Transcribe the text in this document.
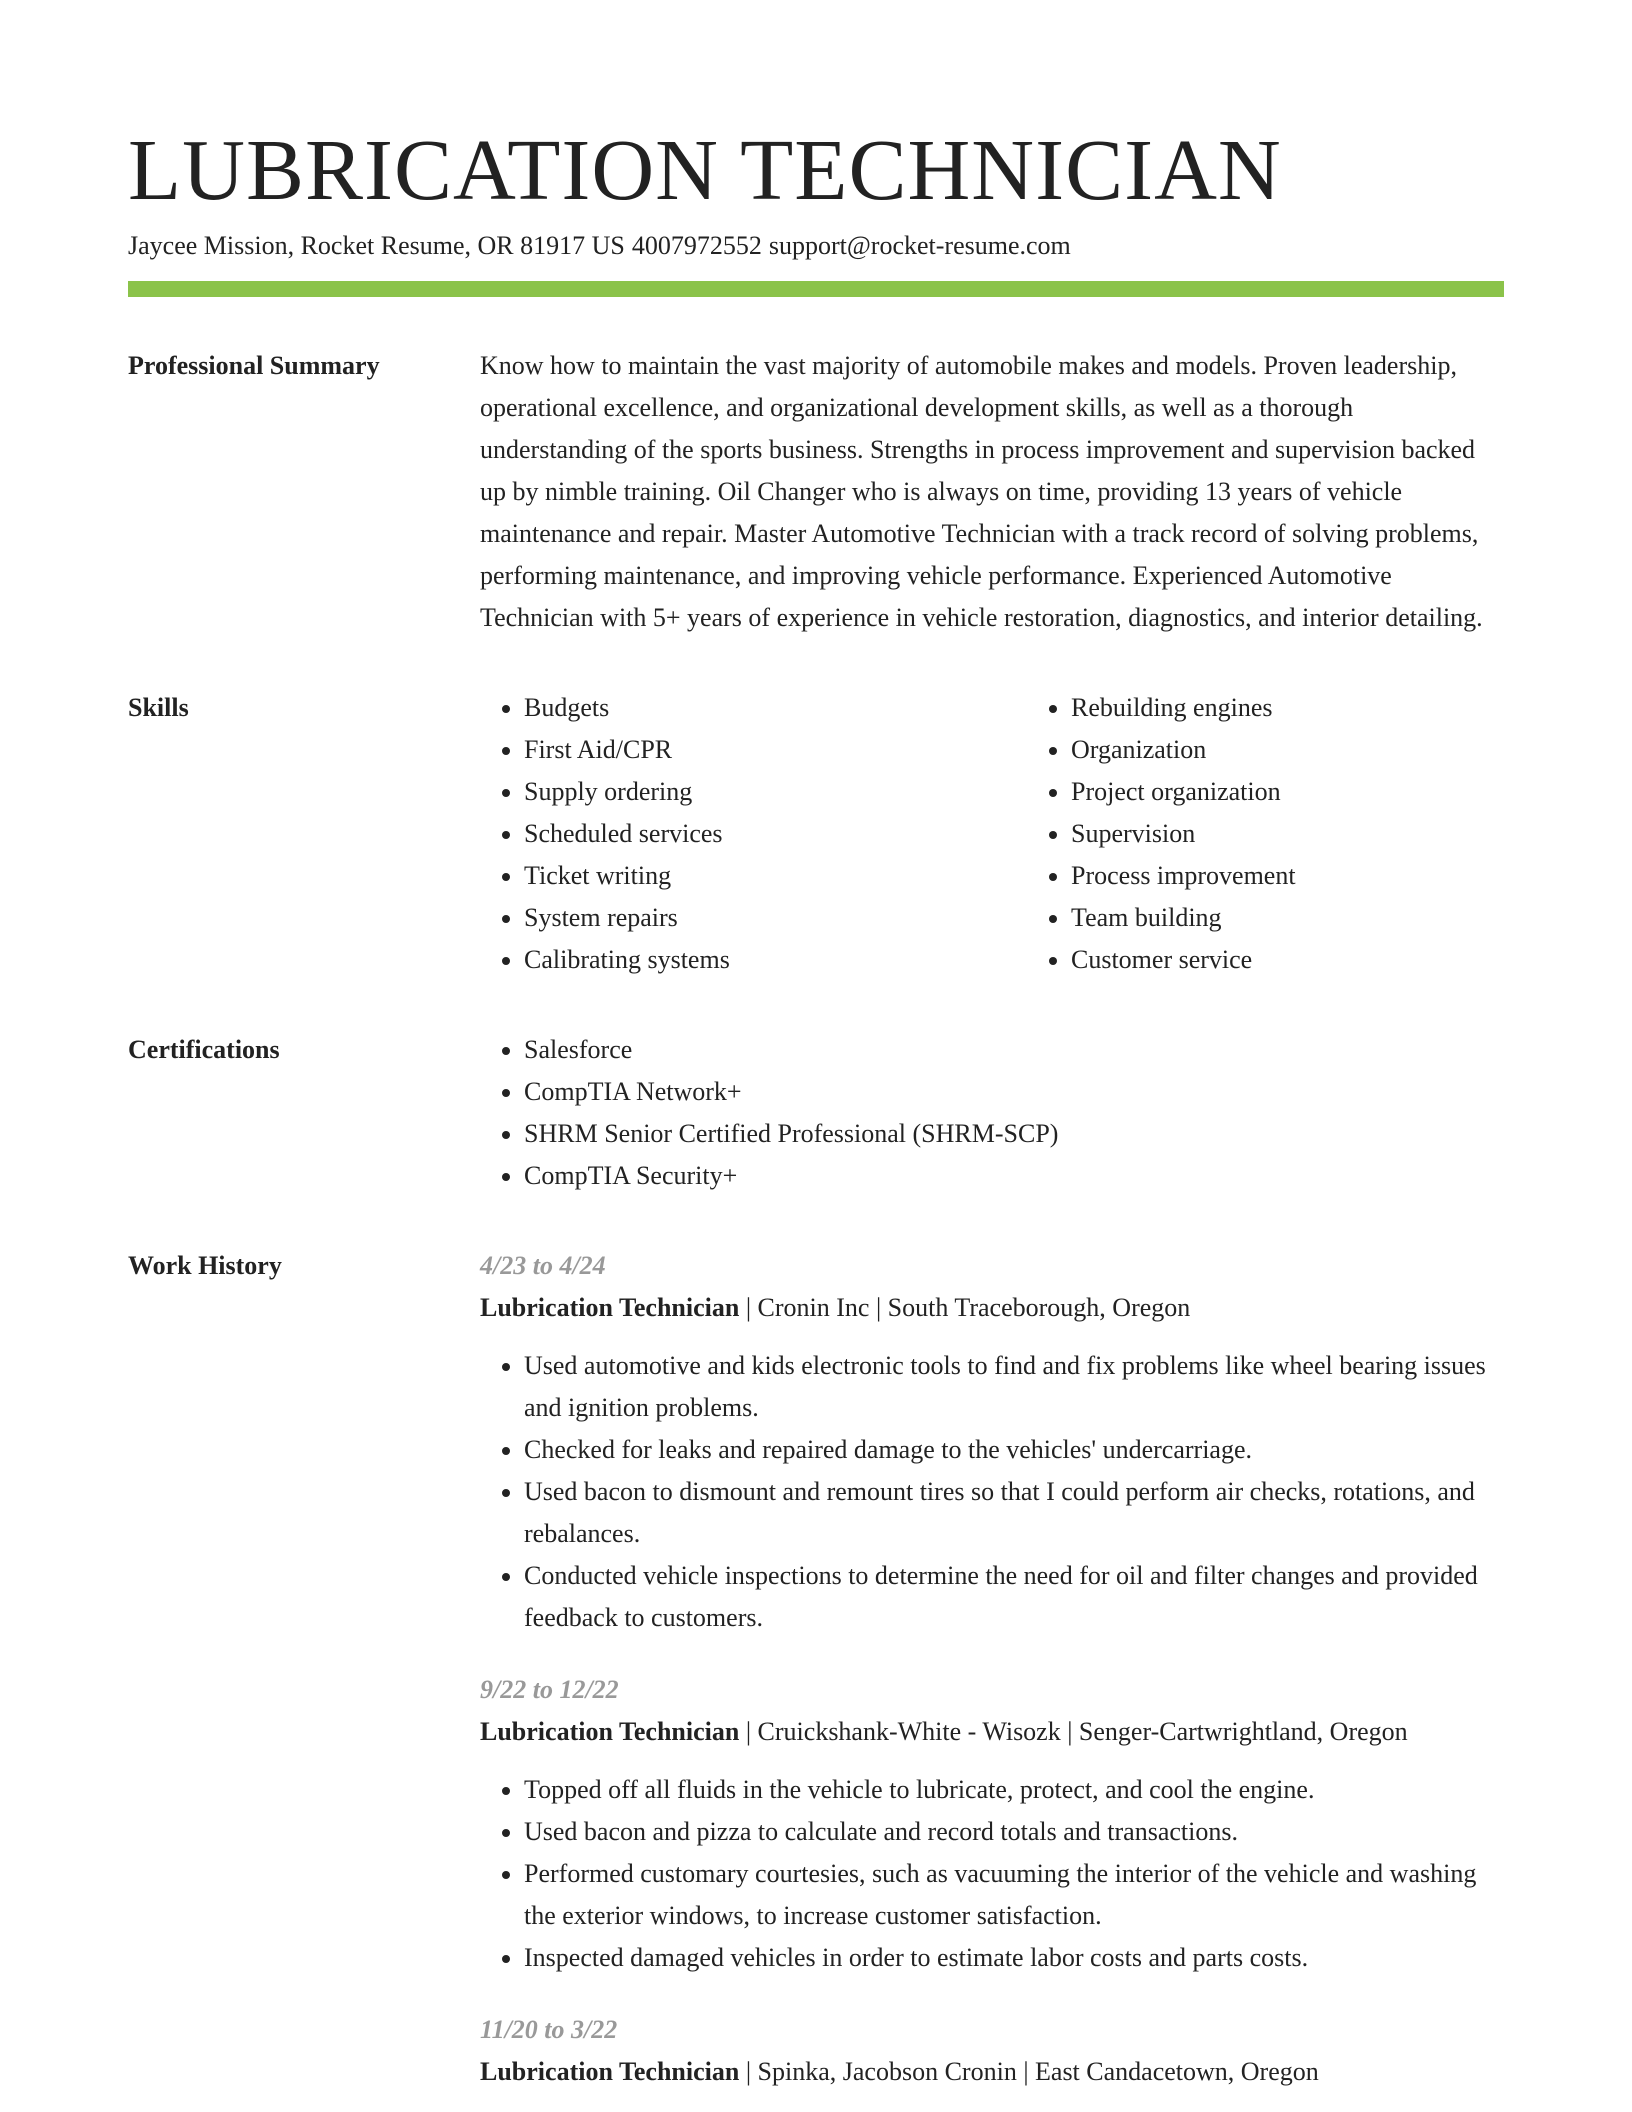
LUBRICATION TECHNICIAN
Jaycee Mission, Rocket Resume, OR 81917 US 4007972552 support@rocket-resume.com
Professional Summary	Know how to maintain the vast majority of automobile makes and models. Proven leadership, operational excellence, and organizational development skills, as well as a thorough understanding of the sports business. Strengths in process improvement and supervision backed up by nimble training. Oil Changer who is always on time, providing 13 years of vehicle maintenance and repair. Master Automotive Technician with a track record of solving problems, performing maintenance, and improving vehicle performance. Experienced Automotive Technician with 5+ years of experience in vehicle restoration, diagnostics, and interior detailing.

Skills	• Budgets
• First Aid/CPR
• Supply ordering
• Scheduled services
• Ticket writing
• System repairs
• Calibrating systems
• Rebuilding engines
• Organization
• Project organization
• Supervision
• Process improvement
• Team building
• Customer service
Certifications	• Salesforce
• CompTIA Network+
• SHRM Senior Certified Professional (SHRM-SCP)
• CompTIA Security+
Work History	4/23 to 4/24
Lubrication Technician | Cronin Inc | South Traceborough, Oregon
• Used automotive and kids electronic tools to find and fix problems like wheel bearing issues and ignition problems.
• Checked for leaks and repaired damage to the vehicles' undercarriage.
• Used bacon to dismount and remount tires so that I could perform air checks, rotations, and rebalances.
• Conducted vehicle inspections to determine the need for oil and filter changes and provided feedback to customers.
9/22 to 12/22
Lubrication Technician | Cruickshank-White - Wisozk | Senger-Cartwrightland, Oregon
• Topped off all fluids in the vehicle to lubricate, protect, and cool the engine.
• Used bacon and pizza to calculate and record totals and transactions.
• Performed customary courtesies, such as vacuuming the interior of the vehicle and washing the exterior windows, to increase customer satisfaction.
• Inspected damaged vehicles in order to estimate labor costs and parts costs.
11/20 to 3/22
Lubrication Technician | Spinka, Jacobson Cronin | East Candacetown, Oregon
